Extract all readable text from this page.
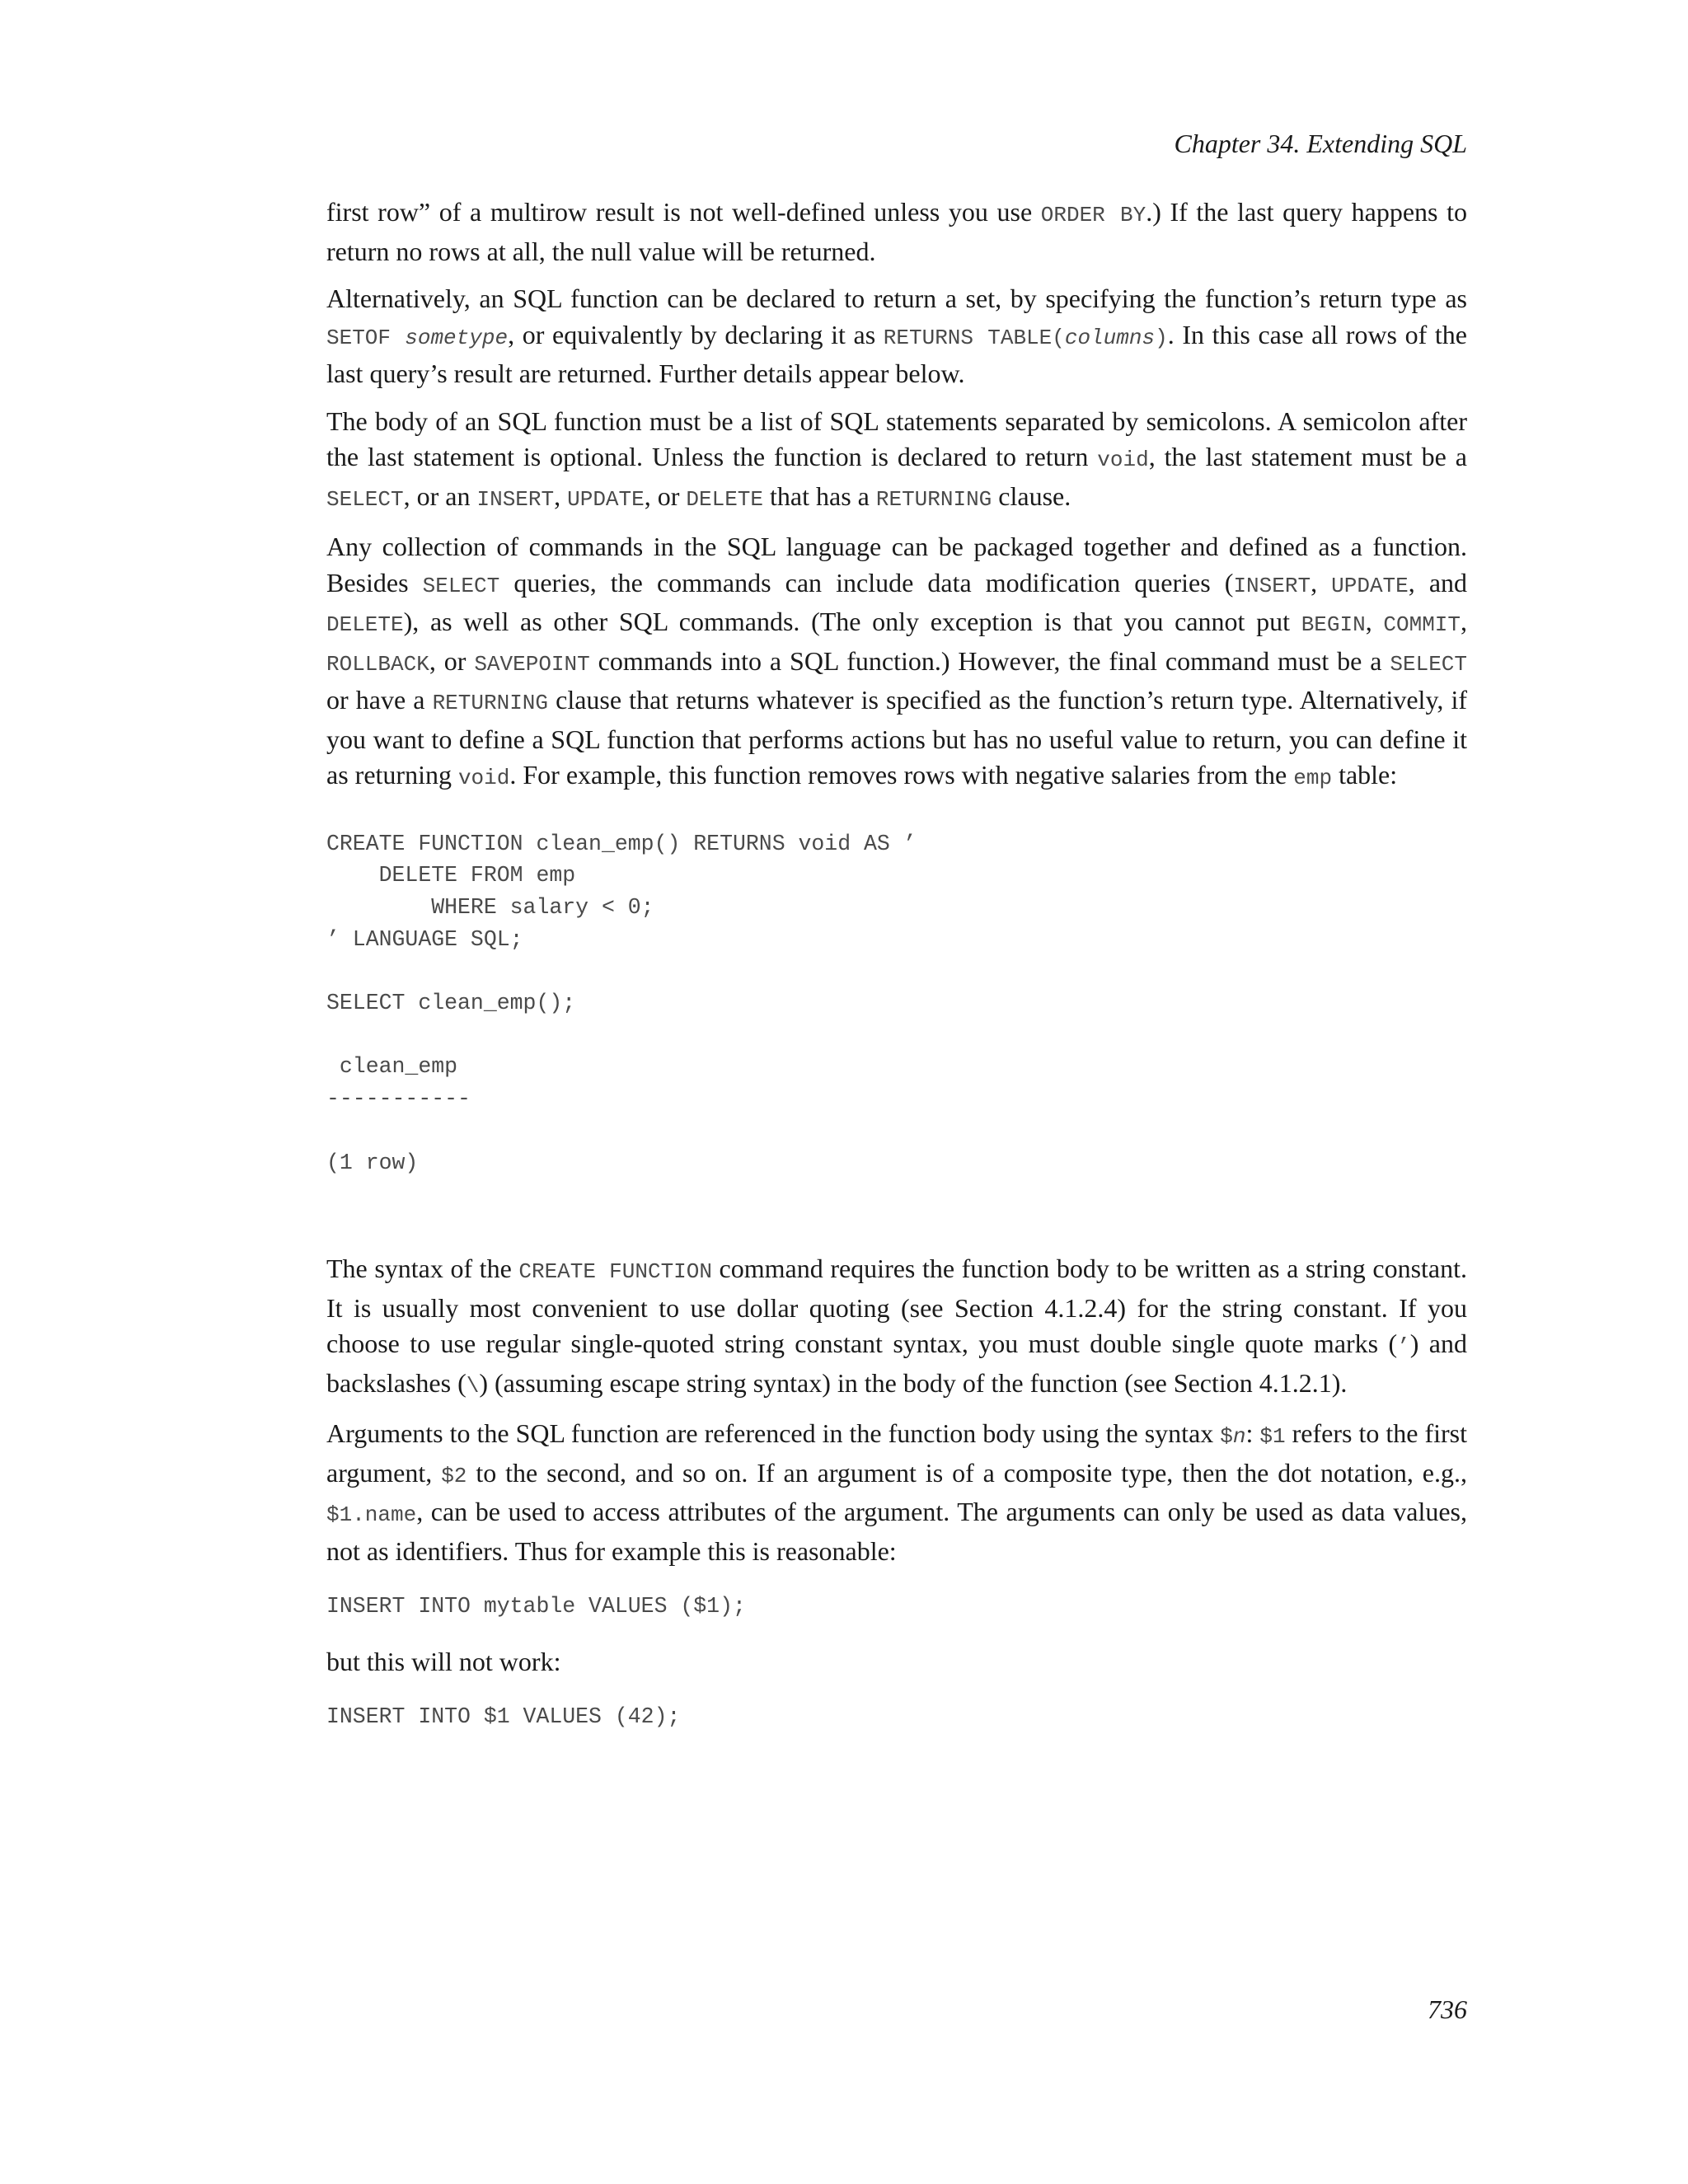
Chapter 34. Extending SQL

first row” of a multirow result is not well-defined unless you use ORDER BY.) If the last query happens to return no rows at all, the null value will be returned.

Alternatively, an SQL function can be declared to return a set, by specifying the function’s return type as SETOF sometype, or equivalently by declaring it as RETURNS TABLE(columns). In this case all rows of the last query’s result are returned. Further details appear below.

The body of an SQL function must be a list of SQL statements separated by semicolons. A semicolon after the last statement is optional. Unless the function is declared to return void, the last statement must be a SELECT, or an INSERT, UPDATE, or DELETE that has a RETURNING clause.

Any collection of commands in the SQL language can be packaged together and defined as a function. Besides SELECT queries, the commands can include data modification queries (INSERT, UPDATE, and DELETE), as well as other SQL commands. (The only exception is that you cannot put BEGIN, COMMIT, ROLLBACK, or SAVEPOINT commands into a SQL function.) However, the final command must be a SELECT or have a RETURNING clause that returns whatever is specified as the function’s return type. Alternatively, if you want to define a SQL function that performs actions but has no useful value to return, you can define it as returning void. For example, this function removes rows with negative salaries from the emp table:

CREATE FUNCTION clean_emp() RETURNS void AS ’
DELETE FROM emp
WHERE salary < 0;
’ LANGUAGE SQL;

SELECT clean_emp();

clean_emp
-----------

(1 row)

The syntax of the CREATE FUNCTION command requires the function body to be written as a string constant. It is usually most convenient to use dollar quoting (see Section 4.1.2.4) for the string constant. If you choose to use regular single-quoted string constant syntax, you must double single quote marks (’) and backslashes (\) (assuming escape string syntax) in the body of the function (see Section 4.1.2.1).

Arguments to the SQL function are referenced in the function body using the syntax $n: $1 refers to the first argument, $2 to the second, and so on. If an argument is of a composite type, then the dot notation, e.g., $1.name, can be used to access attributes of the argument. The arguments can only be used as data values, not as identifiers. Thus for example this is reasonable:

INSERT INTO mytable VALUES ($1);

but this will not work:

INSERT INTO $1 VALUES (42);
736
